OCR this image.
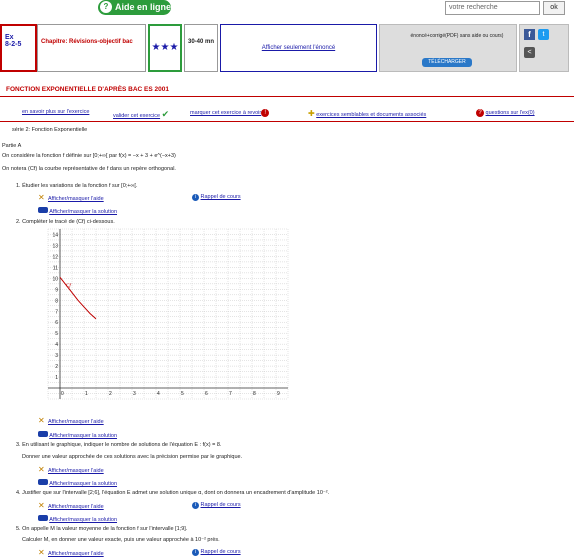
? Aide en ligne	votre recherche	ok
Ex
8-2-5	Chapitre: Révisions-objectif bac	★★★	30-40 mn
Afficher seulement l'énoncé
énoncé+corrigé(PDF) sans aide ou cours)
TÉLÉCHARGER
f	t
<
FONCTION EXPONENTIELLE D'APRÈS BAC ES 2001
en savoir plus sur l'exercice
valider cet exercice ✔	marquer cet exercice à revoir !	✚ exercices semblables et documents associés	? questions sur l'ex(0)
série 2: Fonction Exponentielle
Partie A
On considère la fonction f définie sur [0;+∞[ par f(x) = −x + 3 + e^(−x+3)
On notera (Cf) la courbe représentative de f dans un repère orthogonal.
1. Étudier les variations de la fonction f sur [0;+∞[.
✕ Afficher/masquer l'aide	i Rappel de cours
Afficher/masquer la solution
2. Compléter le tracé de (Cf) ci-dessous.
0	1	2	3	4	5	6	7	8	9
1
2
3
4
5
6
7
8
9
10
11
12
13
14
Cf
✕ Afficher/masquer l'aide
Afficher/masquer la solution
3. En utilisant le graphique, indiquer le nombre de solutions de l'équation E : f(x) = 8.
Donner une valeur approchée de ces solutions avec la précision permise par le graphique.
✕ Afficher/masquer l'aide
Afficher/masquer la solution
4. Justifier que sur l'intervalle [2;6], l'équation E admet une solution unique α, dont on donnera un encadrement d'amplitude 10⁻².
✕ Afficher/masquer l'aide	i Rappel de cours
Afficher/masquer la solution
5. On appelle M la valeur moyenne de la fonction f sur l'intervalle [1;9].
Calculer M, en donner une valeur exacte, puis une valeur approchée à 10⁻² près.
✕ Afficher/masquer l'aide	i Rappel de cours
